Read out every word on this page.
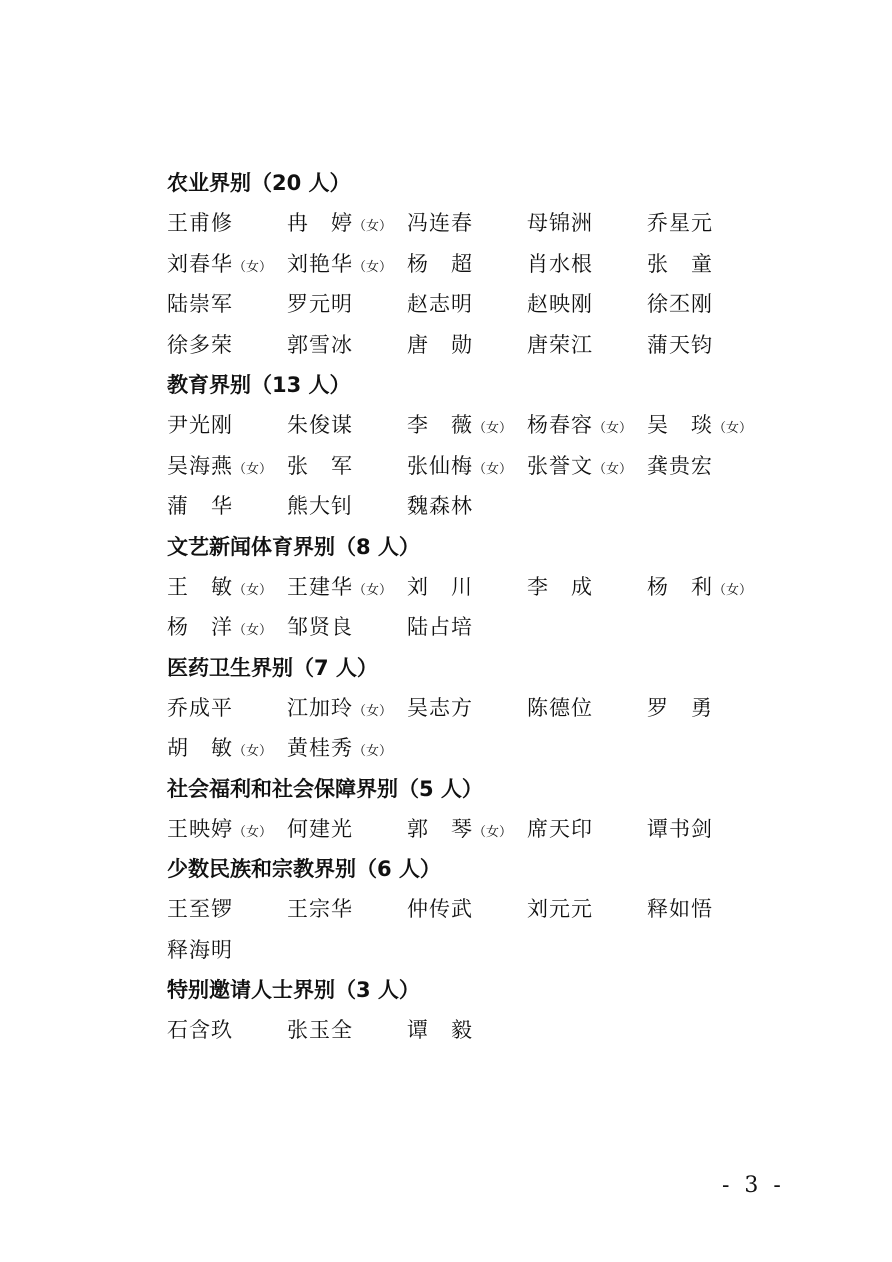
农业界别（20 人）
王甫修	冉　婷（女） 冯连春	母锦洲	乔星元
刘春华（女） 刘艳华（女） 杨　超	肖水根	张　童
陆崇军	罗元明	赵志明	赵映刚	徐丕刚
徐多荣	郭雪冰	唐　勋	唐荣江	蒲天钧
教育界别（13 人）
尹光刚	朱俊谋	李　薇（女） 杨春容（女） 吴　琰（女）
吴海燕（女） 张　军	张仙梅（女） 张誉文（女） 龚贵宏
蒲　华	熊大钊	魏森林
文艺新闻体育界别（8 人）
王　敏（女） 王建华（女） 刘　川	李　成	杨　利（女）
杨　洋（女） 邹贤良	陆占培
医药卫生界别（7 人）
乔成平	江加玲（女） 吴志方	陈德位	罗　勇
胡　敏（女） 黄桂秀（女）
社会福利和社会保障界别（5 人）
王映婷（女） 何建光	郭　琴（女） 席天印	谭书剑
少数民族和宗教界别（6 人）
王至锣	王宗华	仲传武	刘元元	释如悟
释海明
特别邀请人士界别（3 人）
石含玖	张玉全	谭　毅
- 3 -
